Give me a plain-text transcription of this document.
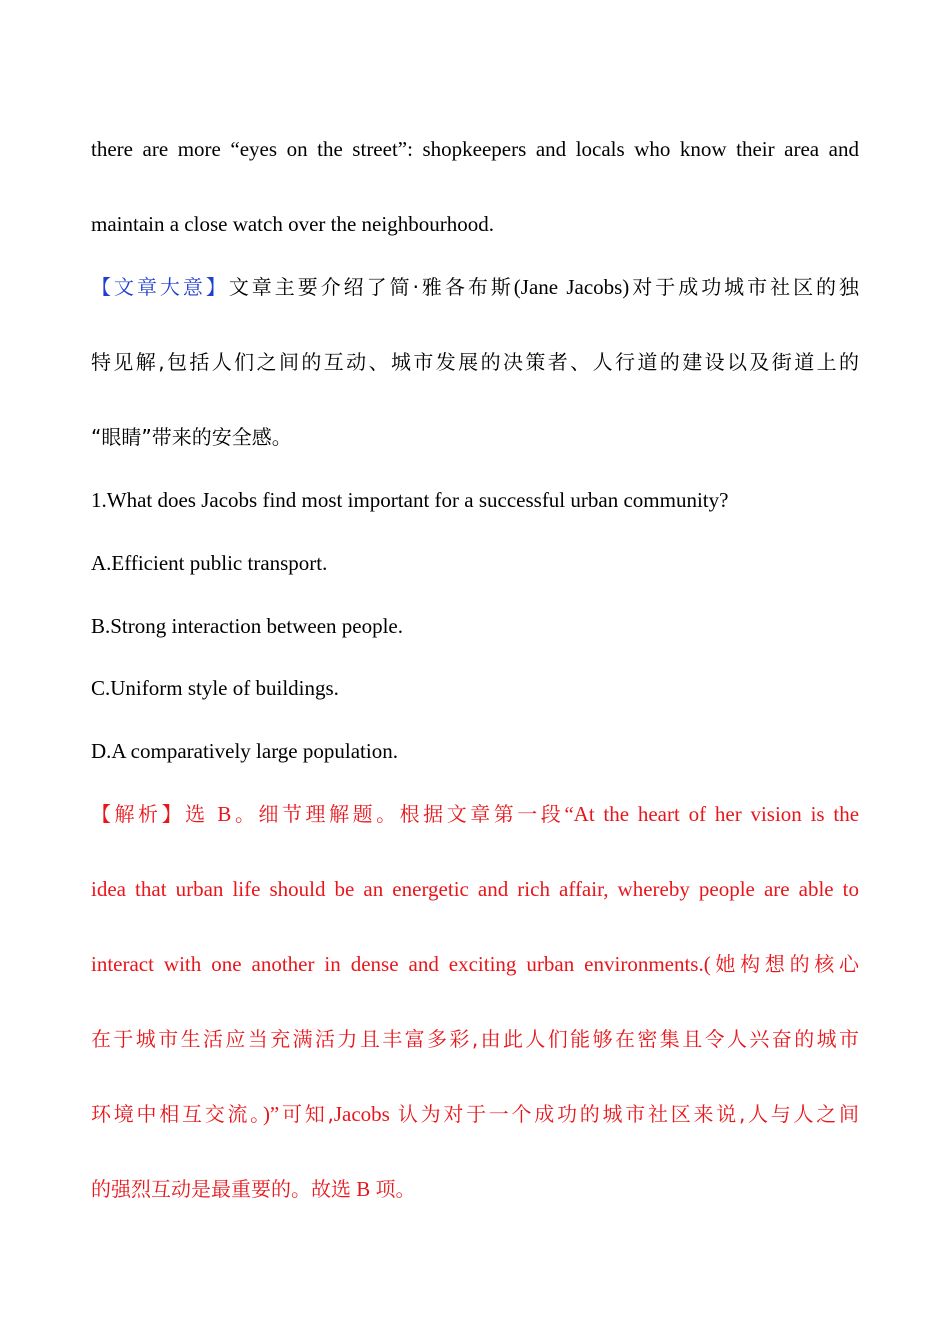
there are more “eyes on the street”: shopkeepers and locals who know their area and
maintain a close watch over the neighbourhood.
【文章大意】文章主要介绍了简·雅各布斯(Jane Jacobs)对于成功城市社区的独
特见解,包括人们之间的互动、城市发展的决策者、人行道的建设以及街道上的
“眼睛”带来的安全感。
1.What does Jacobs find most important for a successful urban community?
A.Efficient public transport.
B.Strong interaction between people.
C.Uniform style of buildings.
D.A comparatively large population.
【解析】选 B。细节理解题。根据文章第一段“At the heart of her vision is the
idea that urban life should be an energetic and rich affair, whereby people are able to
interact with one another in dense and exciting urban environments.(她构想的核心
在于城市生活应当充满活力且丰富多彩,由此人们能够在密集且令人兴奋的城市
环境中相互交流。)”可知,Jacobs 认为对于一个成功的城市社区来说,人与人之间
的强烈互动是最重要的。故选 B 项。
